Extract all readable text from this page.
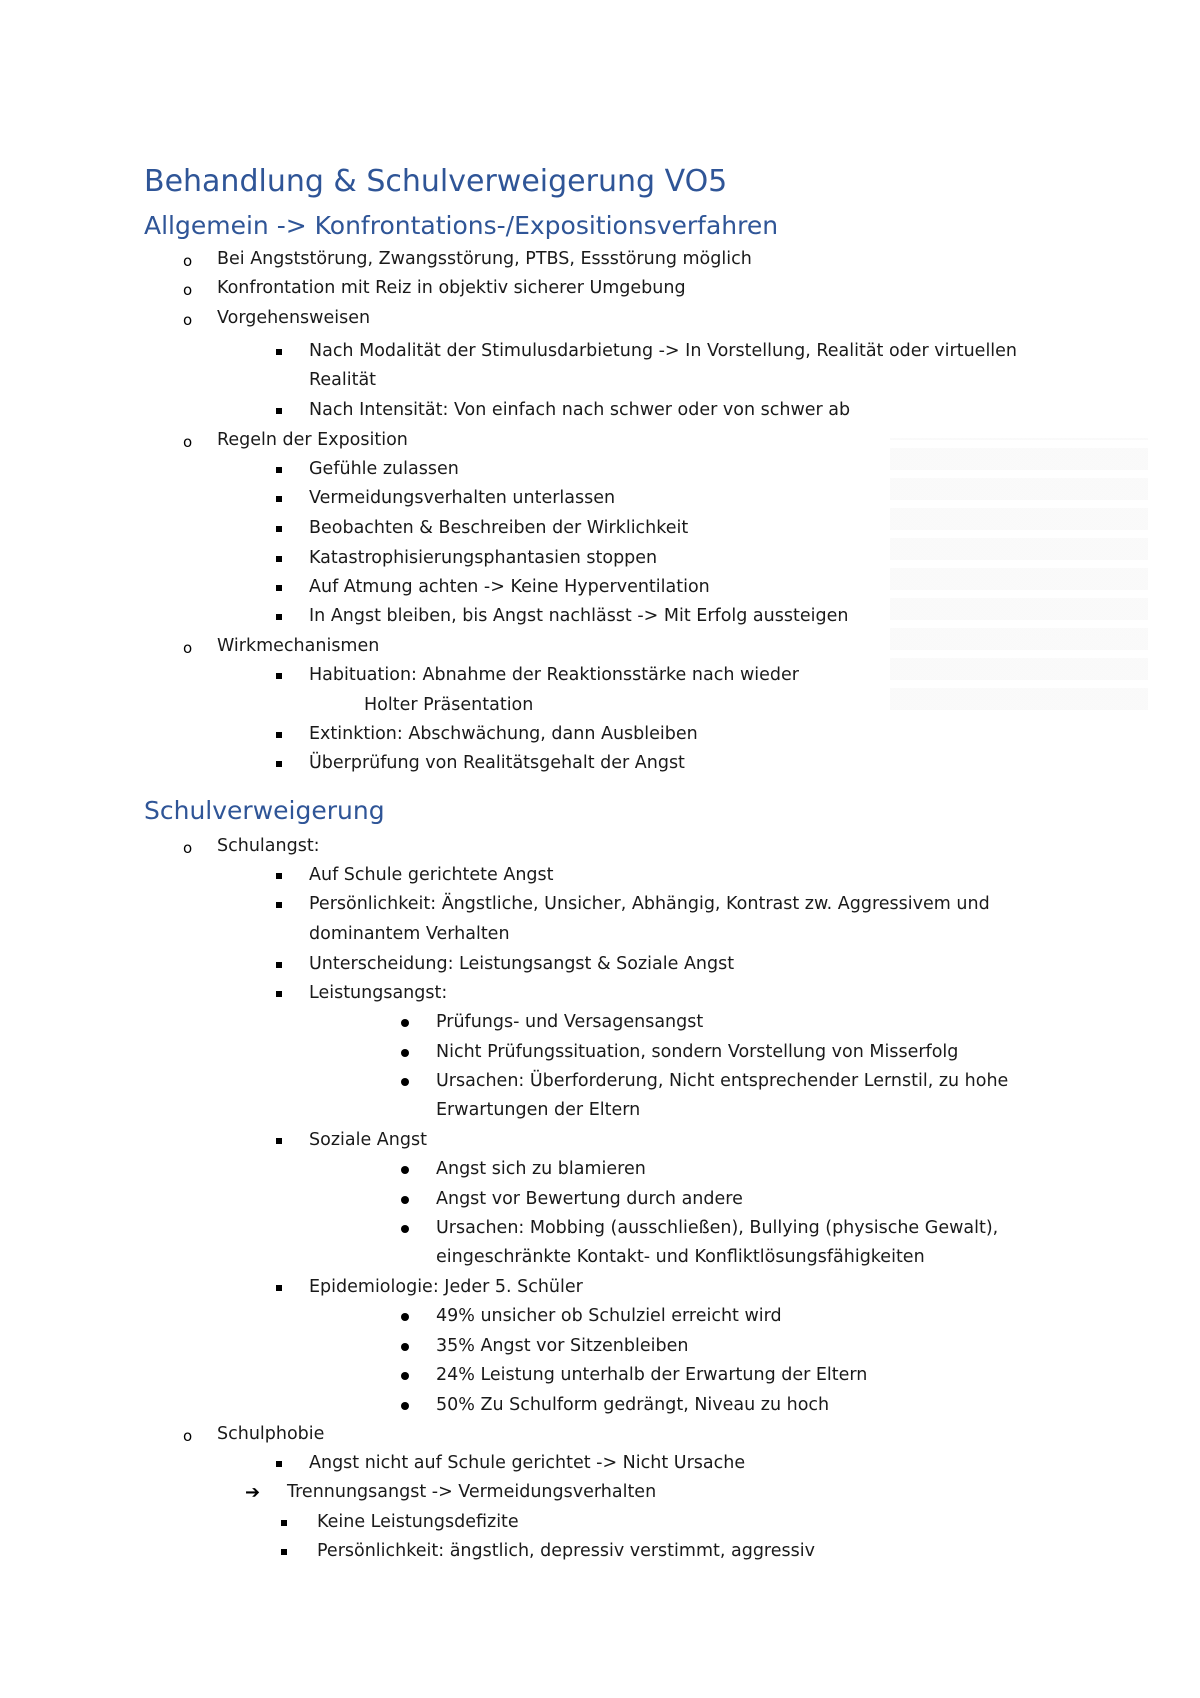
Behandlung & Schulverweigerung VO5
Allgemein -> Konfrontations-/Expositionsverfahren
o Bei Angststörung, Zwangsstörung, PTBS, Essstörung möglich
o Konfrontation mit Reiz in objektiv sicherer Umgebung
o Vorgehensweisen
Nach Modalität der Stimulusdarbietung -> In Vorstellung, Realität oder virtuellen
Realität
Nach Intensität: Von einfach nach schwer oder von schwer ab
o Regeln der Exposition
Gefühle zulassen
Vermeidungsverhalten unterlassen
Beobachten & Beschreiben der Wirklichkeit
Katastrophisierungsphantasien stoppen
Auf Atmung achten -> Keine Hyperventilation
In Angst bleiben, bis Angst nachlässt -> Mit Erfolg aussteigen
o Wirkmechanismen
Habituation: Abnahme der Reaktionsstärke nach wieder
Holter Präsentation
Extinktion: Abschwächung, dann Ausbleiben
Überprüfung von Realitätsgehalt der Angst
Schulverweigerung
o Schulangst:
Auf Schule gerichtete Angst
Persönlichkeit: Ängstliche, Unsicher, Abhängig, Kontrast zw. Aggressivem und
dominantem Verhalten
Unterscheidung: Leistungsangst & Soziale Angst
Leistungsangst:
Prüfungs- und Versagensangst
Nicht Prüfungssituation, sondern Vorstellung von Misserfolg
Ursachen: Überforderung, Nicht entsprechender Lernstil, zu hohe
Erwartungen der Eltern
Soziale Angst
Angst sich zu blamieren
Angst vor Bewertung durch andere
Ursachen: Mobbing (ausschließen), Bullying (physische Gewalt),
eingeschränkte Kontakt- und Konfliktlösungsfähigkeiten
Epidemiologie: Jeder 5. Schüler
49% unsicher ob Schulziel erreicht wird
35% Angst vor Sitzenbleiben
24% Leistung unterhalb der Erwartung der Eltern
50% Zu Schulform gedrängt, Niveau zu hoch
o Schulphobie
Angst nicht auf Schule gerichtet -> Nicht Ursache
➔ Trennungsangst -> Vermeidungsverhalten
Keine Leistungsdefizite
Persönlichkeit: ängstlich, depressiv verstimmt, aggressiv
